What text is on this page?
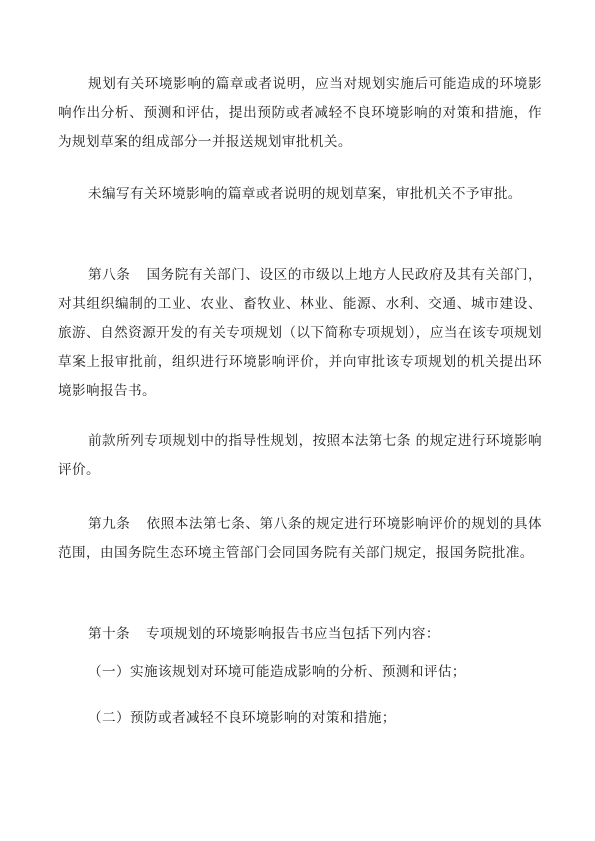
规划有关环境影响的篇章或者说明，应当对规划实施后可能造成的环境影响作出分析、预测和评估，提出预防或者减轻不良环境影响的对策和措施，作为规划草案的组成部分一并报送规划审批机关。

未编写有关环境影响的篇章或者说明的规划草案，审批机关不予审批。

第八条 国务院有关部门、设区的市级以上地方人民政府及其有关部门，对其组织编制的工业、农业、畜牧业、林业、能源、水利、交通、城市建设、旅游、自然资源开发的有关专项规划（以下简称专项规划），应当在该专项规划草案上报审批前，组织进行环境影响评价，并向审批该专项规划的机关提出环境影响报告书。

前款所列专项规划中的指导性规划，按照本法第七条 的规定进行环境影响评价。

第九条 依照本法第七条、第八条的规定进行环境影响评价的规划的具体范围，由国务院生态环境主管部门会同国务院有关部门规定，报国务院批准。

第十条 专项规划的环境影响报告书应当包括下列内容：

（一）实施该规划对环境可能造成影响的分析、预测和评估；

（二）预防或者减轻不良环境影响的对策和措施；
